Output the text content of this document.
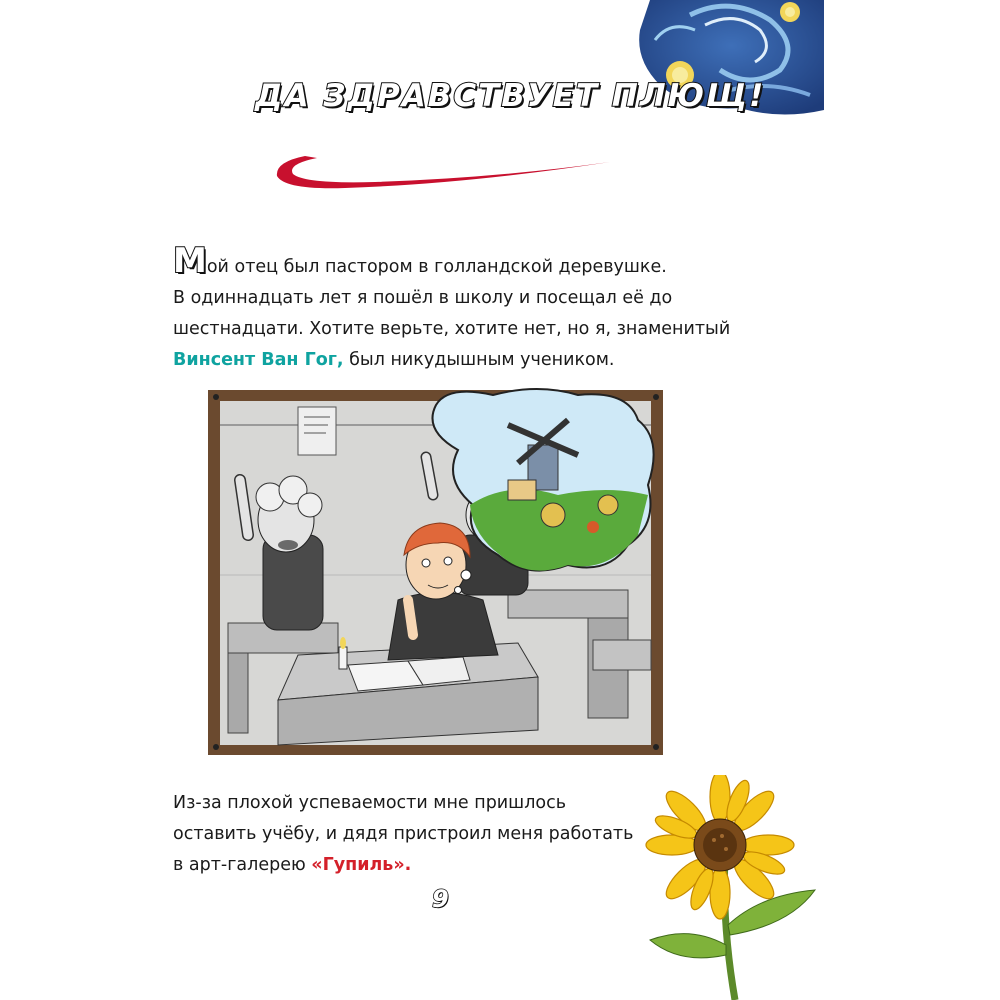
ДА ЗДРАВСТВУЕТ ПЛЮЩ!
Мой отец был пастором в голландской деревушке.
В одиннадцать лет я пошёл в школу и посещал её до
шестнадцати. Хотите верьте, хотите нет, но я, знаменитый
Винсент Ван Гог, был никудышным учеником.
Из-за плохой успеваемости мне пришлось
оставить учёбу, и дядя пристроил меня работать
в арт-галерею «Гупиль».
9
